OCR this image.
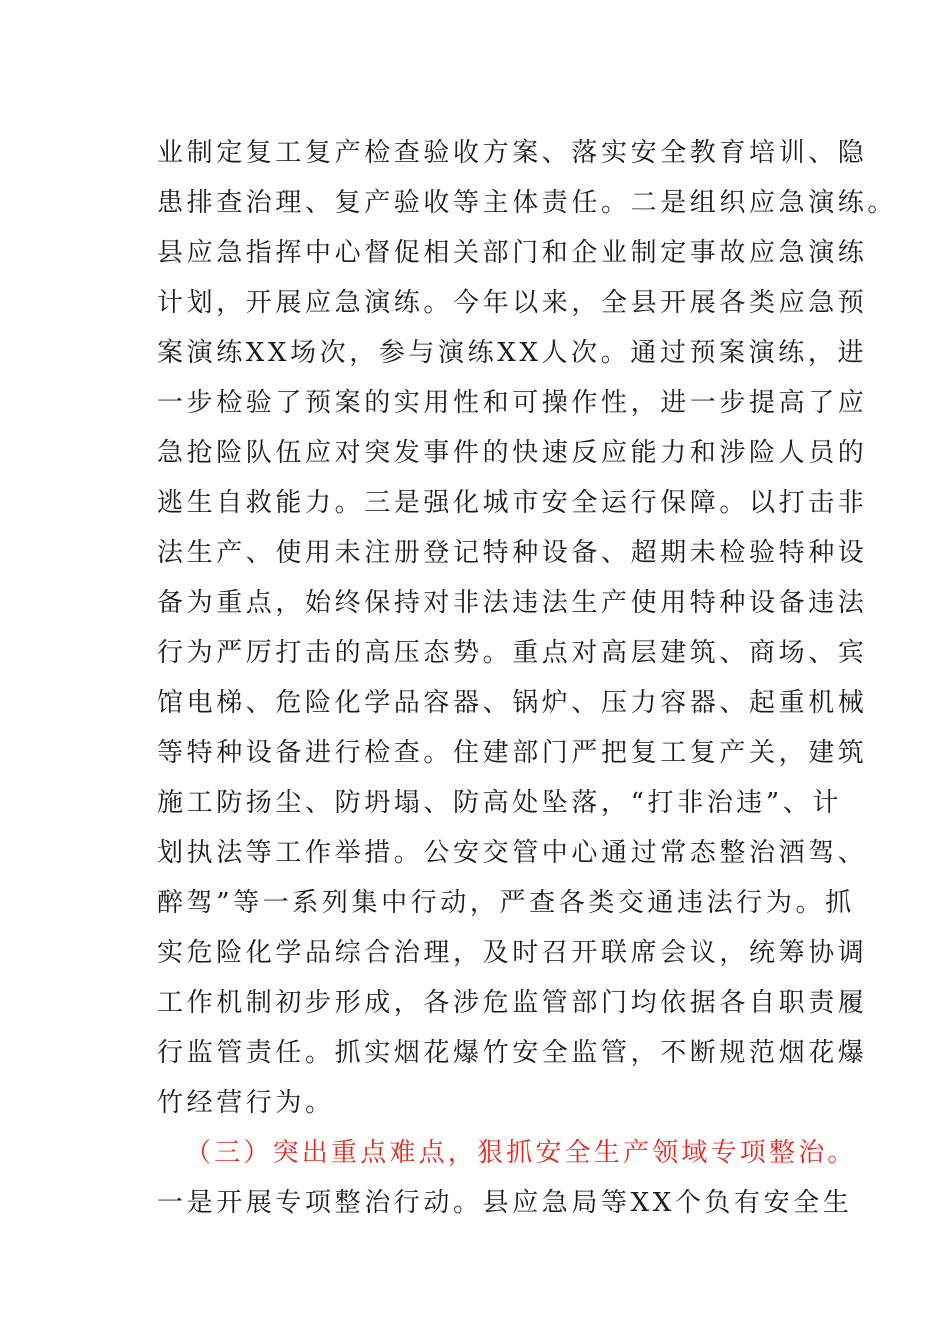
业制定复工复产检查验收方案、落实安全教育培训、隐
患排查治理、复产验收等主体责任。二是组织应急演练。
县应急指挥中心督促相关部门和企业制定事故应急演练
计划，开展应急演练。今年以来，全县开展各类应急预
案演练XX场次，参与演练XX人次。通过预案演练，进
一步检验了预案的实用性和可操作性，进一步提高了应
急抢险队伍应对突发事件的快速反应能力和涉险人员的
逃生自救能力。三是强化城市安全运行保障。以打击非
法生产、使用未注册登记特种设备、超期未检验特种设
备为重点，始终保持对非法违法生产使用特种设备违法
行为严厉打击的高压态势。重点对高层建筑、商场、宾
馆电梯、危险化学品容器、锅炉、压力容器、起重机械
等特种设备进行检查。住建部门严把复工复产关，建筑
施工防扬尘、防坍塌、防高处坠落，“打非治违”、计
划执法等工作举措。公安交管中心通过常态整治酒驾、
醉驾”等一系列集中行动，严查各类交通违法行为。抓
实危险化学品综合治理，及时召开联席会议，统筹协调
工作机制初步形成，各涉危监管部门均依据各自职责履
行监管责任。抓实烟花爆竹安全监管，不断规范烟花爆
竹经营行为。
（三）突出重点难点，狠抓安全生产领域专项整治。
一是开展专项整治行动。县应急局等XX个负有安全生
